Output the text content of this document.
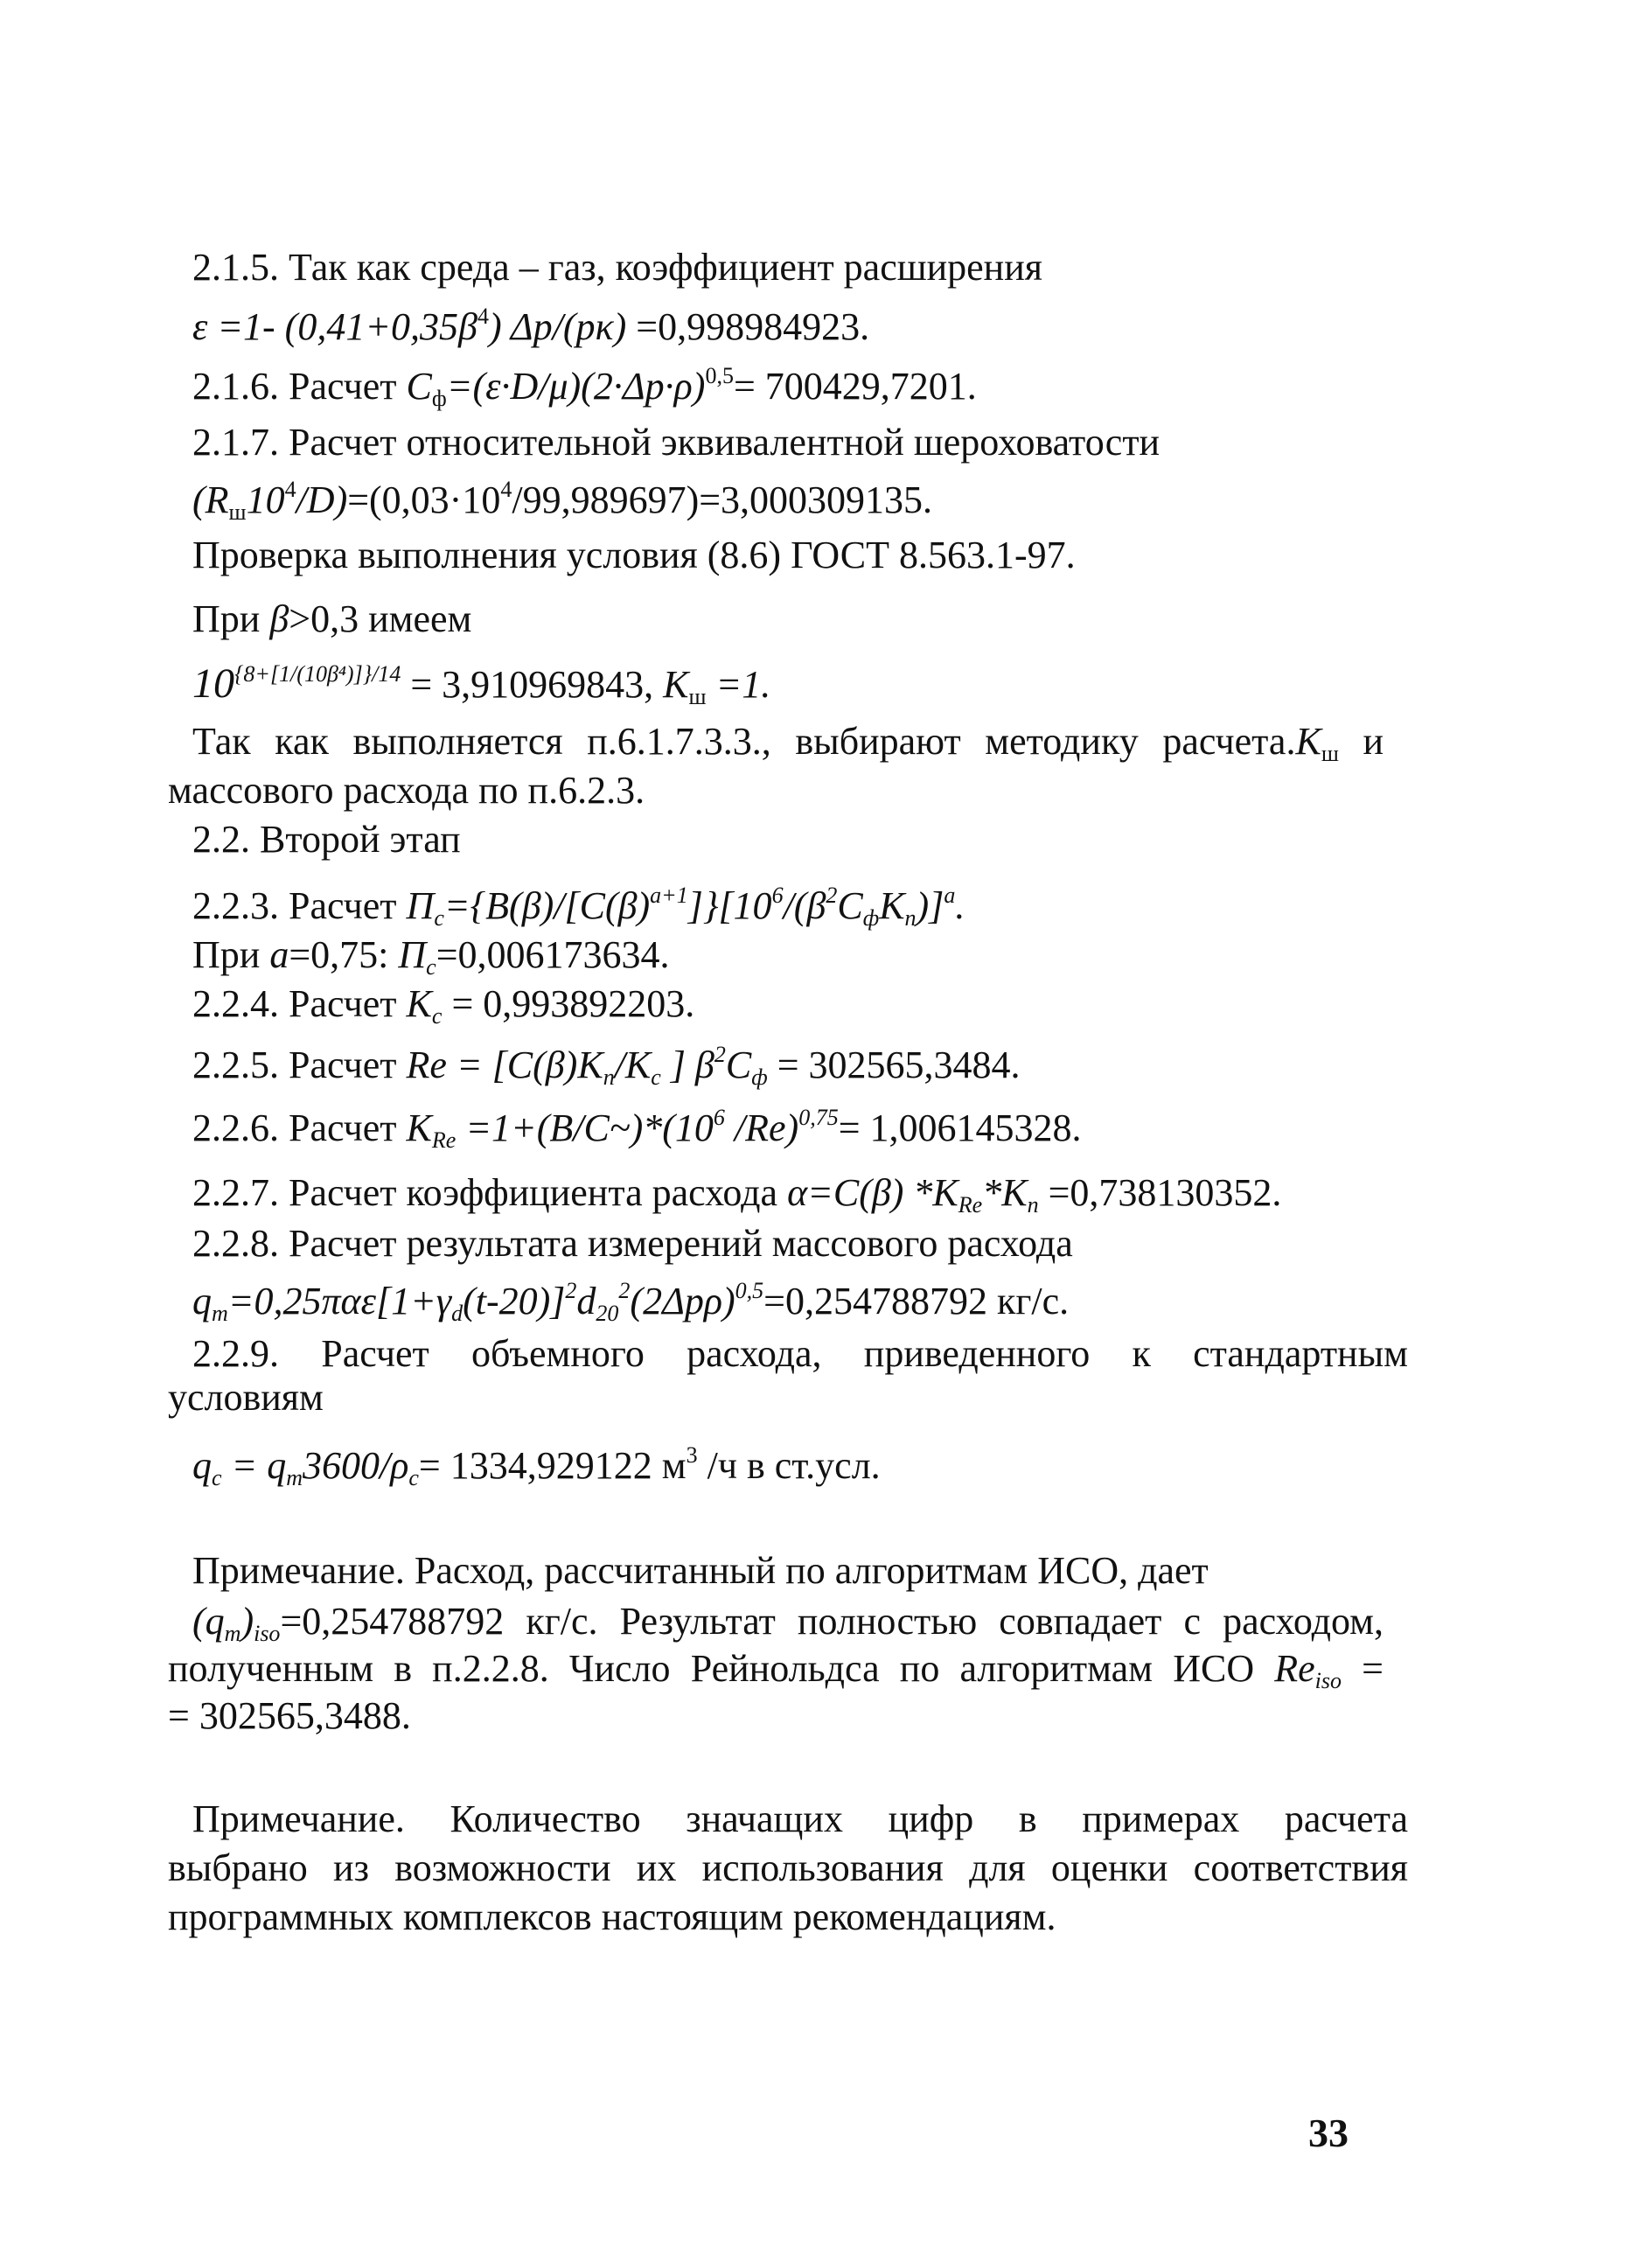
2.1.5. Так как среда – газ, коэффициент расширения
ε =1- $(0,41+0,35\beta^4)$ Δp/(pκ) =0,998984923.
2.1.6. Расчет $C_ф=(\varepsilon\cdot D/\mu)(2\cdot\Delta p\cdot\rho)^{0,5}= 700429,7201$.
2.1.7. Расчет относительной эквивалентной шероховатости
$(R_ш10^4/D)=(0,03\cdot 10^4/99,989697)=3,000309135$.
Проверка выполнения условия (8.6) ГОСТ 8.563.1-97.
При β>0,3 имеем
$10^{\{8+[1/(10\beta^4)]\}/14} = 3,910969843$, $K_ш =1$.
Так как выполняется п.6.1.7.3.3., выбирают методику $расчета.K_ш$ и
массового расхода по п.6.2.3.
2.2. Второй этап
2.2.3. Расчет $П_c=\{B(\beta)/[C(\beta)^{a+1}]\}[10^6/(\beta^2C_фK_п)]^a$.
При a=0,75: $П_c=0,006173634$.
2.2.4. Расчет $K_c = 0,993892203$.
2.2.5. Расчет $Re = [C(\beta)K_п/K_c$ ] $\beta^2C_ф = 302565,3484$.
2.2.6. Расчет $K_{Re}$ $=1+(B/C\sim)*(10^6$ /Re)$^{0,75}$= 1,006145328.
2.2.7. Расчет коэффициента расхода α=C(β) $*K_{Re}*K_п =0,738130352$.
2.2.8. Расчет результата измерений массового расхода
$q_m=0,25\pi\alpha\varepsilon[1+\gamma_d(t-20)]^2d_{20}^2(2\Delta p\rho)^{0,5}=0,254788792$ кг/с.
2.2.9. Расчет объемного расхода, приведенного к стандартным
условиям
$q_c = q_m3600/\rho_c= 1334,929122$ $м^3$ /ч в ст.усл.
Примечание. Расход, рассчитанный по алгоритмам ИСО, дает
$(q_m)_{iso}=0,254788792$ кг/с. Результат полностью совпадает с расходом,
полученным в п.2.2.8. Число Рейнольдса по алгоритмам ИСО $Re_{iso}$ =
= 302565,3488.
Примечание. Количество значащих цифр в примерах расчета
выбрано из возможности их использования для оценки соответствия
программных комплексов настоящим рекомендациям.
33
